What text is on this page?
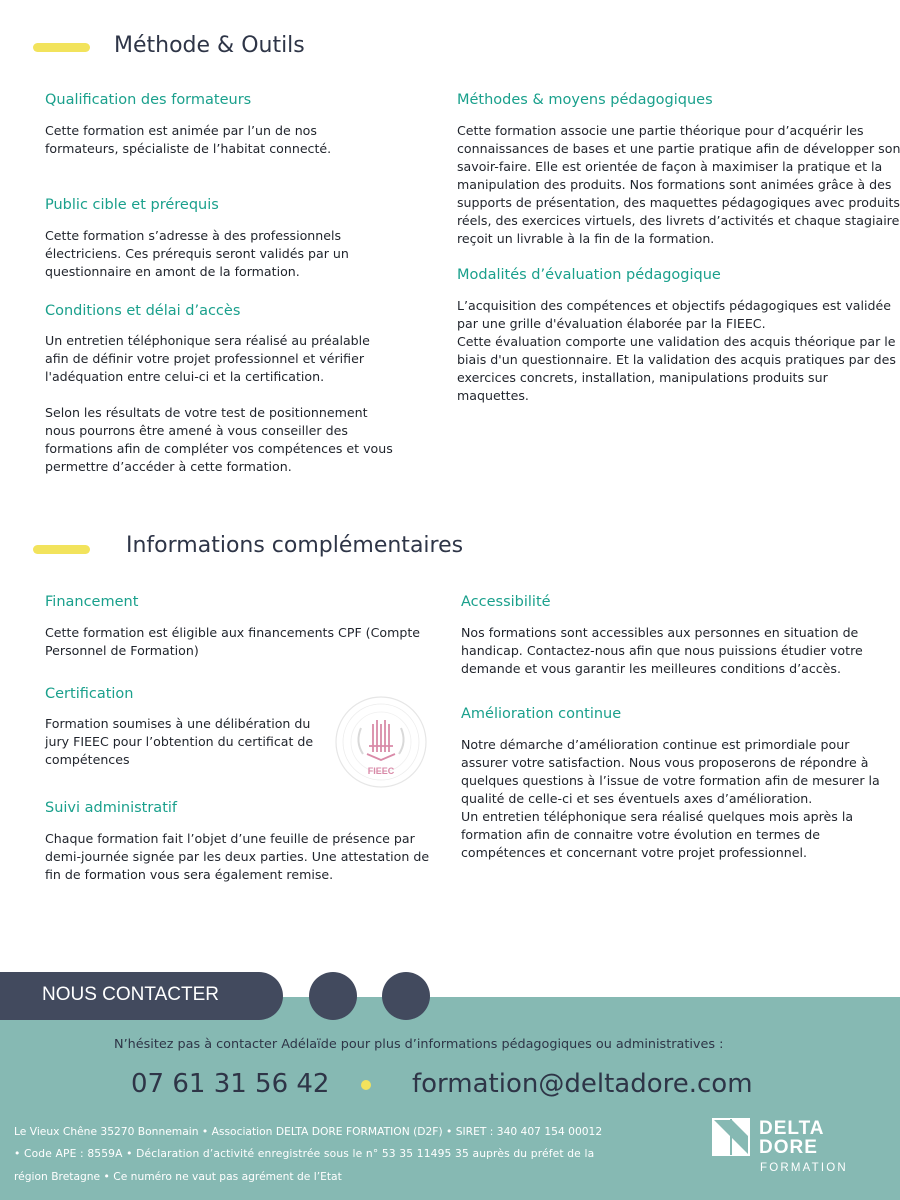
Méthode & Outils
Qualification des formateurs
Cette formation est animée par l’un de nos
formateurs, spécialiste de l’habitat connecté.
Public cible et prérequis
Cette formation s’adresse à des professionnels
électriciens. Ces prérequis seront validés par un
questionnaire en amont de la formation.
Conditions et délai d’accès
Un entretien téléphonique sera réalisé au préalable
afin de définir votre projet professionnel et vérifier
l'adéquation entre celui-ci et la certification.
Selon les résultats de votre test de positionnement
nous pourrons être amené à vous conseiller des
formations afin de compléter vos compétences et vous
permettre d’accéder à cette formation.
Méthodes & moyens pédagogiques
Cette formation associe une partie théorique pour d’acquérir les
connaissances de bases et une partie pratique afin de développer son
savoir-faire. Elle est orientée de façon à maximiser la pratique et la
manipulation des produits. Nos formations sont animées grâce à des
supports de présentation, des maquettes pédagogiques avec produits
réels, des exercices virtuels, des livrets d’activités et chaque stagiaire
reçoit un livrable à la fin de la formation.
Modalités d’évaluation pédagogique
L’acquisition des compétences et objectifs pédagogiques est validée
par une grille d'évaluation élaborée par la FIEEC.
Cette évaluation comporte une validation des acquis théorique par le
biais d'un questionnaire. Et la validation des acquis pratiques par des
exercices concrets, installation, manipulations produits sur
maquettes.
Informations complémentaires
Financement
Cette formation est éligible aux financements CPF (Compte
Personnel de Formation)
Certification
Formation soumises à une délibération du
jury FIEEC pour l’obtention du certificat de
compétences
FIEEC
Suivi administratif
Chaque formation fait l’objet d’une feuille de présence par
demi-journée signée par les deux parties. Une attestation de
fin de formation vous sera également remise.
Accessibilité
Nos formations sont accessibles aux personnes en situation de
handicap. Contactez-nous afin que nous puissions étudier votre
demande et vous garantir les meilleures conditions d’accès.
Amélioration continue
Notre démarche d’amélioration continue est primordiale pour
assurer votre satisfaction. Nous vous proposerons de répondre à
quelques questions à l’issue de votre formation afin de mesurer la
qualité de celle-ci et ses éventuels axes d’amélioration.
Un entretien téléphonique sera réalisé quelques mois après la
formation afin de connaitre votre évolution en termes de
compétences et concernant votre projet professionnel.
NOUS CONTACTER
N’hésitez pas à contacter Adélaïde pour plus d’informations pédagogiques ou administratives :
07 61 31 56 42	formation@deltadore.com
Le Vieux Chêne 35270 Bonnemain • Association DELTA DORE FORMATION (D2F) • SIRET : 340 407 154 00012
• Code APE : 8559A • Déclaration d’activité enregistrée sous le n° 53 35 11495 35 auprès du préfet de la
région Bretagne • Ce numéro ne vaut pas agrément de l’Etat
DELTA
DORE
FORMATION
